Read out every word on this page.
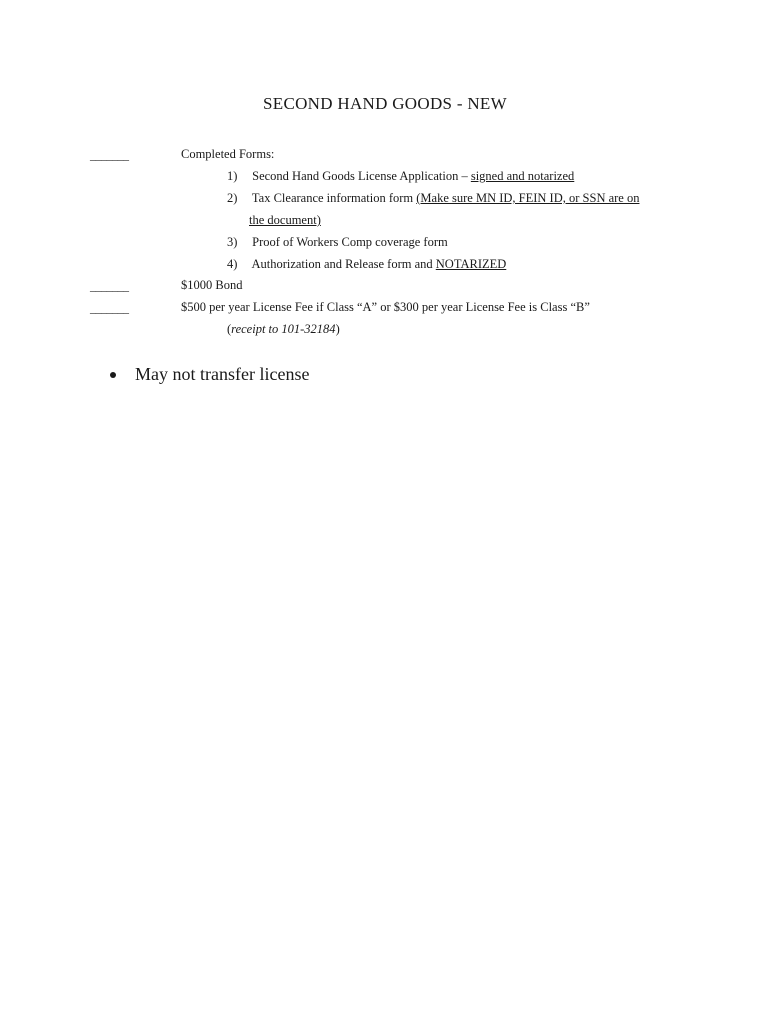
SECOND HAND GOODS - NEW
_______	Completed Forms:
1) Second Hand Goods License Application – signed and notarized
2) Tax Clearance information form (Make sure MN ID, FEIN ID, or SSN are on
the document)
3) Proof of Workers Comp coverage form
4) Authorization and Release form and NOTARIZED
_______	$1000 Bond
_______	$500 per year License Fee if Class “A” or $300 per year License Fee is Class “B”
(receipt to 101-32184)
May not transfer license
